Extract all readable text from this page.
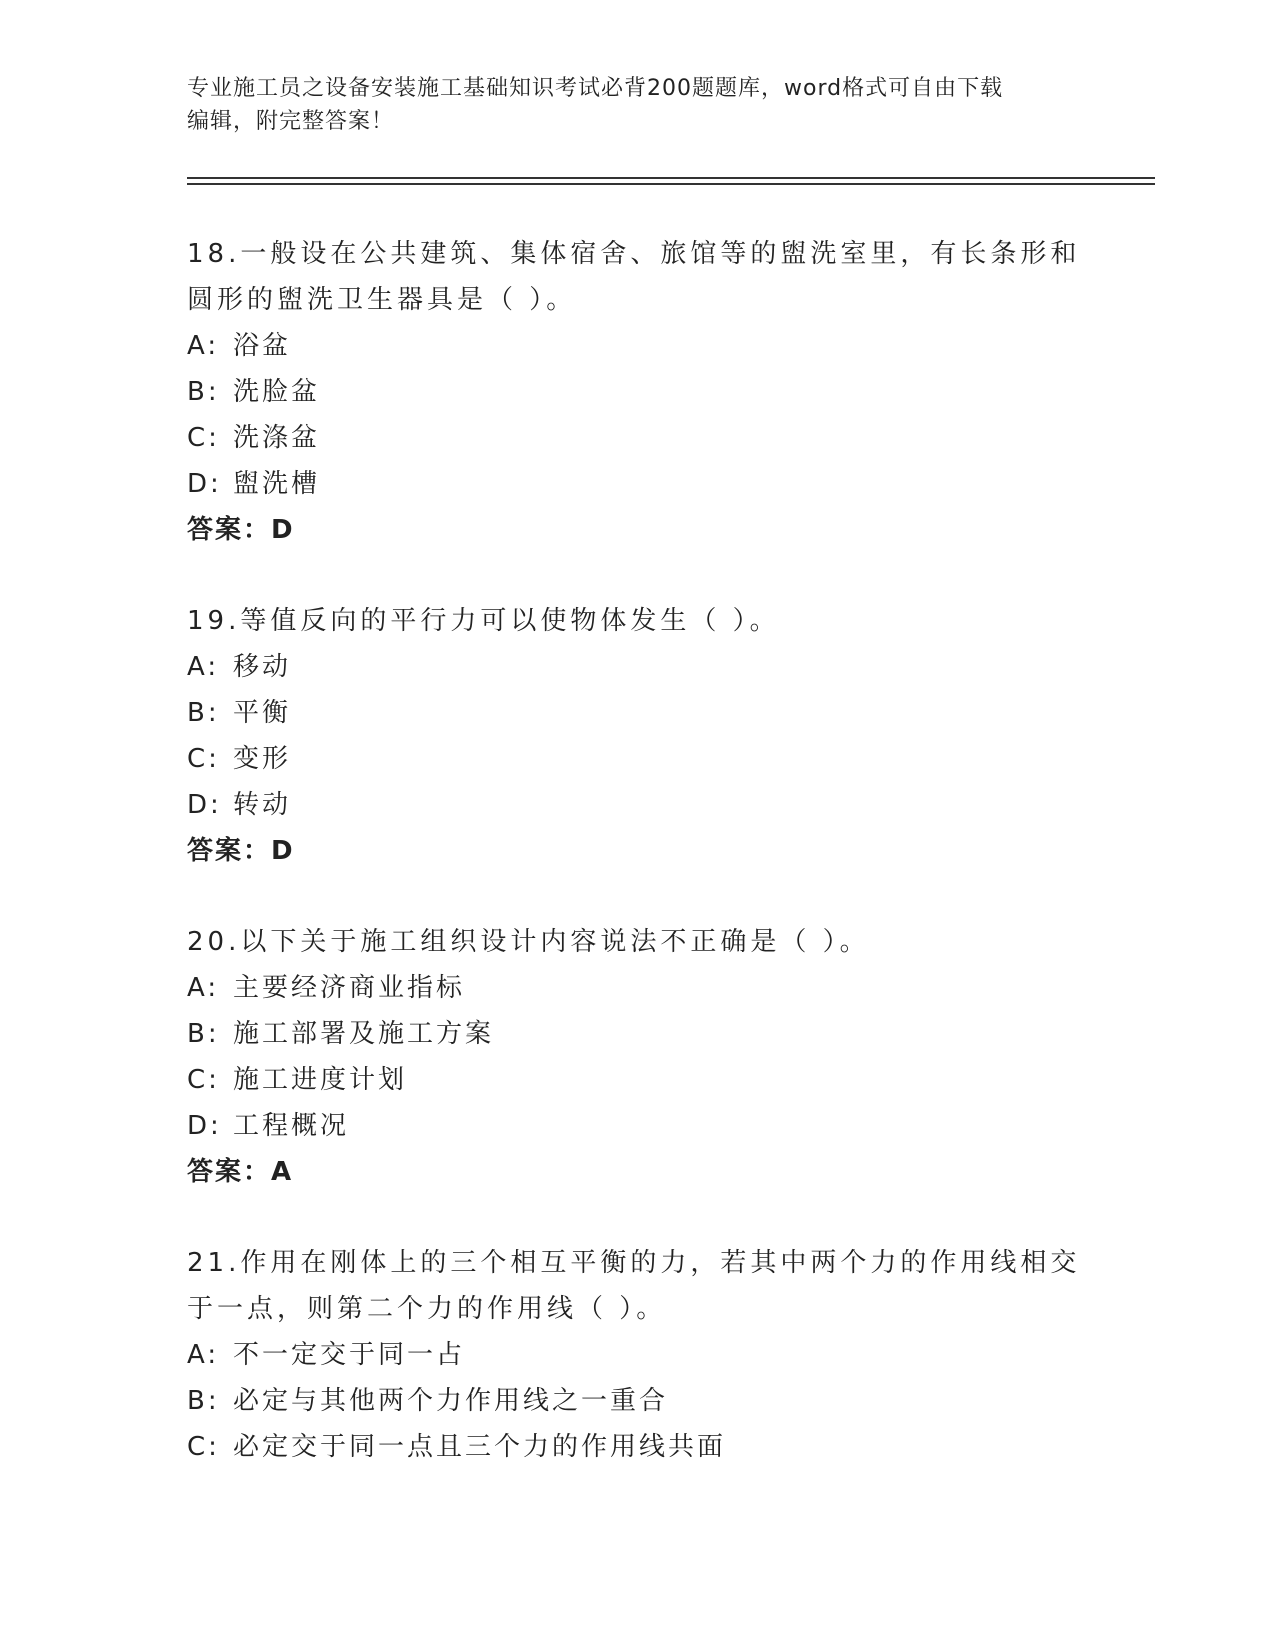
专业施工员之设备安装施工基础知识考试必背200题题库，word格式可自由下载
编辑，附完整答案！

18.一般设在公共建筑、集体宿舍、旅馆等的盥洗室里，有长条形和圆形的盥洗卫生器具是（ ）。

A: 浴盆
B: 洗脸盆
C: 洗涤盆
D: 盥洗槽
答案：D

19.等值反向的平行力可以使物体发生（ ）。

A: 移动
B: 平衡
C: 变形
D: 转动
答案：D

20.以下关于施工组织设计内容说法不正确是（ ）。

A: 主要经济商业指标
B: 施工部署及施工方案
C: 施工进度计划
D: 工程概况
答案：A

21.作用在刚体上的三个相互平衡的力，若其中两个力的作用线相交于一点，则第二个力的作用线（ ）。

A: 不一定交于同一占
B: 必定与其他两个力作用线之一重合
C: 必定交于同一点且三个力的作用线共面
